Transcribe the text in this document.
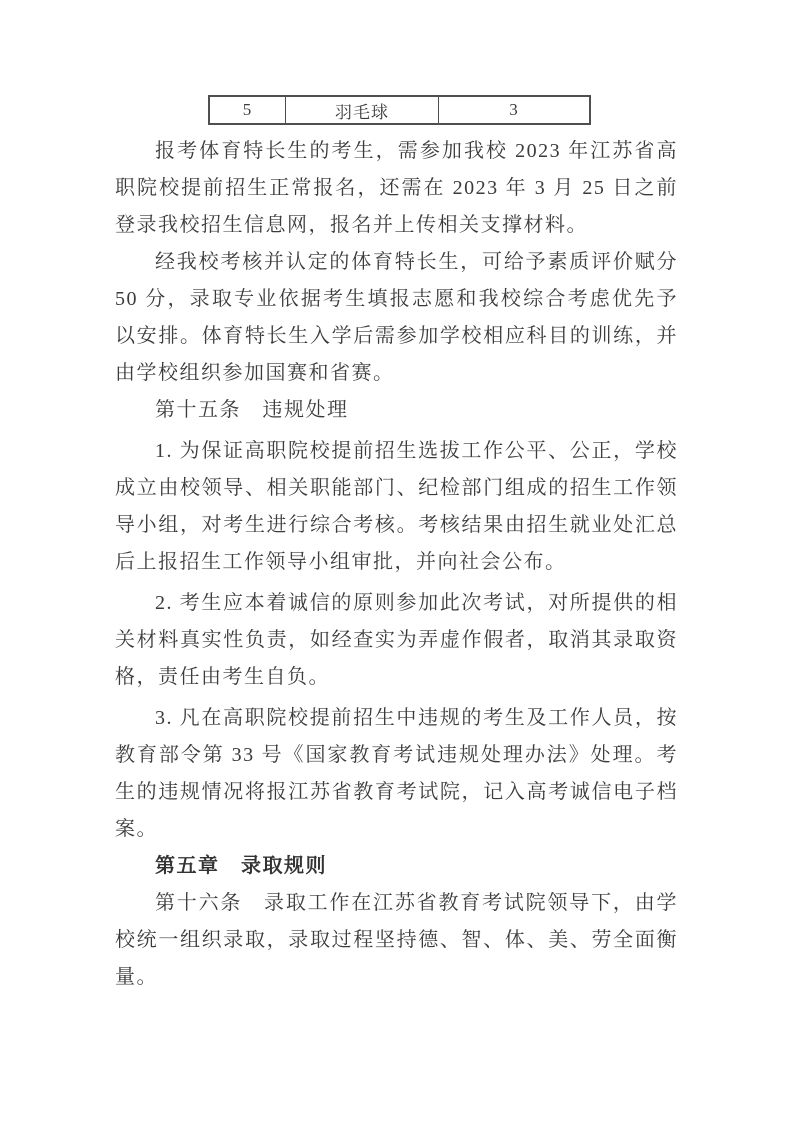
5	羽毛球	3

报考体育特长生的考生，需参加我校 2023 年江苏省高职院校提前招生正常报名，还需在 2023 年 3 月 25 日之前登录我校招生信息网，报名并上传相关支撑材料。

经我校考核并认定的体育特长生，可给予素质评价赋分 50 分，录取专业依据考生填报志愿和我校综合考虑优先予以安排。体育特长生入学后需参加学校相应科目的训练，并由学校组织参加国赛和省赛。

第十五条　违规处理

1. 为保证高职院校提前招生选拔工作公平、公正，学校成立由校领导、相关职能部门、纪检部门组成的招生工作领导小组，对考生进行综合考核。考核结果由招生就业处汇总后上报招生工作领导小组审批，并向社会公布。

2. 考生应本着诚信的原则参加此次考试，对所提供的相关材料真实性负责，如经查实为弄虚作假者，取消其录取资格，责任由考生自负。

3. 凡在高职院校提前招生中违规的考生及工作人员，按教育部令第 33 号《国家教育考试违规处理办法》处理。考生的违规情况将报江苏省教育考试院，记入高考诚信电子档案。

第五章　录取规则

第十六条　录取工作在江苏省教育考试院领导下，由学校统一组织录取，录取过程坚持德、智、体、美、劳全面衡量。
